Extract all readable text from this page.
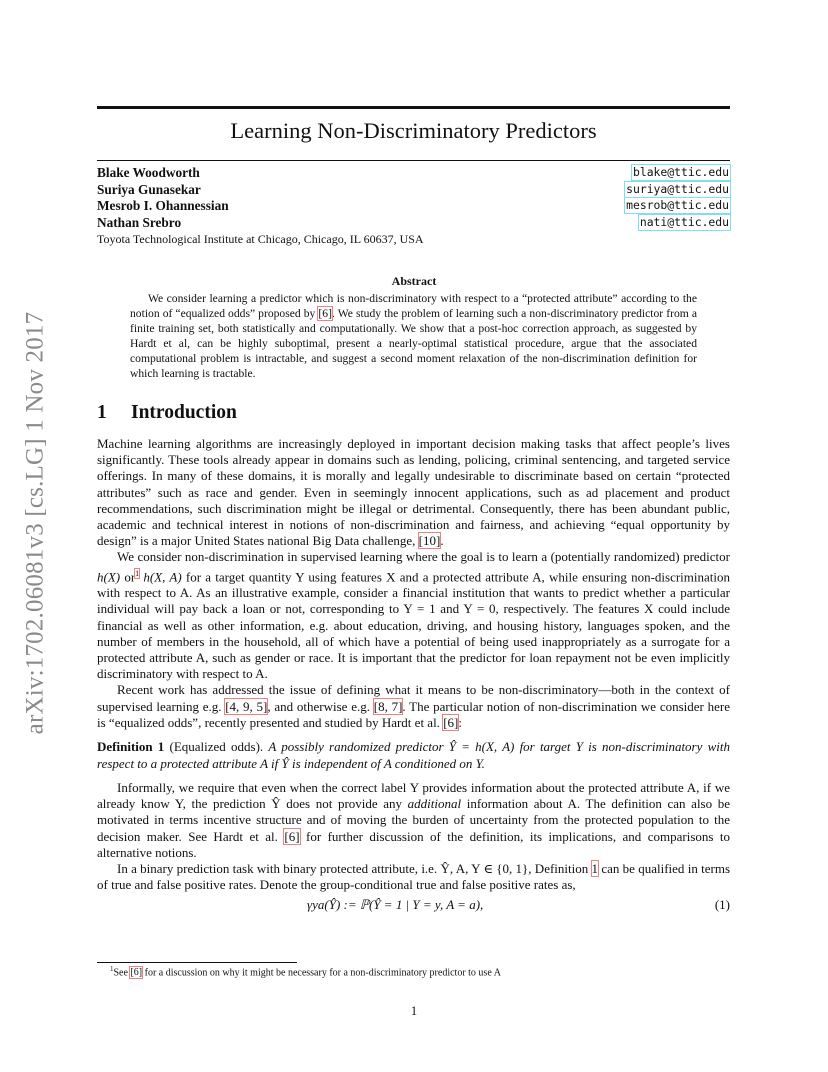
arXiv:1702.06081v3 [cs.LG] 1 Nov 2017
Learning Non-Discriminatory Predictors
Blake Woodworth	blake@ttic.edu
Suriya Gunasekar	suriya@ttic.edu
Mesrob I. Ohannessian	mesrob@ttic.edu
Nathan Srebro	nati@ttic.edu
Toyota Technological Institute at Chicago, Chicago, IL 60637, USA
Abstract
We consider learning a predictor which is non-discriminatory with respect to a “protected attribute” according to the notion of “equalized odds” proposed by [6]. We study the problem of learning such a non-discriminatory predictor from a finite training set, both statistically and computationally. We show that a post-hoc correction approach, as suggested by Hardt et al, can be highly suboptimal, present a nearly-optimal statistical procedure, argue that the associated computational problem is intractable, and suggest a second moment relaxation of the non-discrimination definition for which learning is tractable.
1 Introduction

Machine learning algorithms are increasingly deployed in important decision making tasks that affect people’s lives significantly. These tools already appear in domains such as lending, policing, criminal sentencing, and targeted service offerings. In many of these domains, it is morally and legally undesirable to discriminate based on certain “protected attributes” such as race and gender. Even in seemingly innocent applications, such as ad placement and product recommendations, such discrimination might be illegal or detrimental. Consequently, there has been abundant public, academic and technical interest in notions of non-discrimination and fairness, and achieving “equal opportunity by design” is a major United States national Big Data challenge, [10].

We consider non-discrimination in supervised learning where the goal is to learn a (potentially randomized) predictor h(X) or$^1$ h(X, A) for a target quantity Y using features X and a protected attribute A, while ensuring non-discrimination with respect to A. As an illustrative example, consider a financial institution that wants to predict whether a particular individual will pay back a loan or not, corresponding to Y = 1 and Y = 0, respectively. The features X could include financial as well as other information, e.g. about education, driving, and housing history, languages spoken, and the number of members in the household, all of which have a potential of being used inappropriately as a surrogate for a protected attribute A, such as gender or race. It is important that the predictor for loan repayment not be even implicitly discriminatory with respect to A.

Recent work has addressed the issue of defining what it means to be non-discriminatory—both in the context of supervised learning e.g. [4, 9, 5], and otherwise e.g. [8, 7]. The particular notion of non-discrimination we consider here is “equalized odds”, recently presented and studied by Hardt et al. [6]:

Definition 1 (Equalized odds). A possibly randomized predictor Ŷ = h(X, A) for target Y is non-discriminatory with respect to a protected attribute A if Ŷ is independent of A conditioned on Y.

Informally, we require that even when the correct label Y provides information about the protected attribute A, if we already know Y, the prediction Ŷ does not provide any additional information about A. The definition can also be motivated in terms incentive structure and of moving the burden of uncertainty from the protected population to the decision maker. See Hardt et al. [6] for further discussion of the definition, its implications, and comparisons to alternative notions.

In a binary prediction task with binary protected attribute, i.e. Ŷ, A, Y ∈ {0, 1}, Definition 1 can be qualified in terms of true and false positive rates. Denote the group-conditional true and false positive rates as,

γya(Ŷ) := ℙ(Ŷ = 1 | Y = y, A = a),	(1)
$^1$See [6] for a discussion on why it might be necessary for a non-discriminatory predictor to use A
1
